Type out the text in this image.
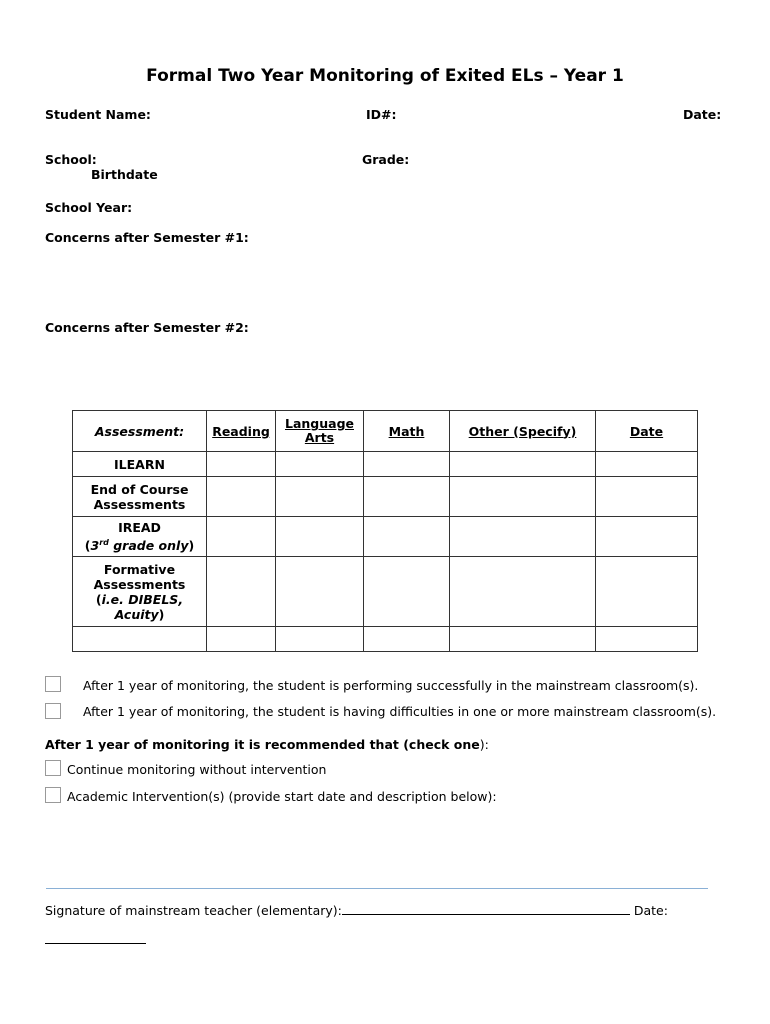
Formal Two Year Monitoring of Exited ELs – Year 1
Student Name:	ID#:	Date:
School:	Grade:
Birthdate
School Year:
Concerns after Semester #1:
Concerns after Semester #2:
Assessment:	Reading	Language Arts	Math	Other (Specify)	Date
ILEARN					
End of Course Assessments					
IREAD
(3rd grade only)					
Formative Assessments
(i.e. DIBELS, Acuity)					

After 1 year of monitoring, the student is performing successfully in the mainstream classroom(s).
After 1 year of monitoring, the student is having difficulties in one or more mainstream classroom(s).
After 1 year of monitoring it is recommended that (check one):
Continue monitoring without intervention
Academic Intervention(s) (provide start date and description below):
Signature of mainstream teacher (elementary):	Date:
